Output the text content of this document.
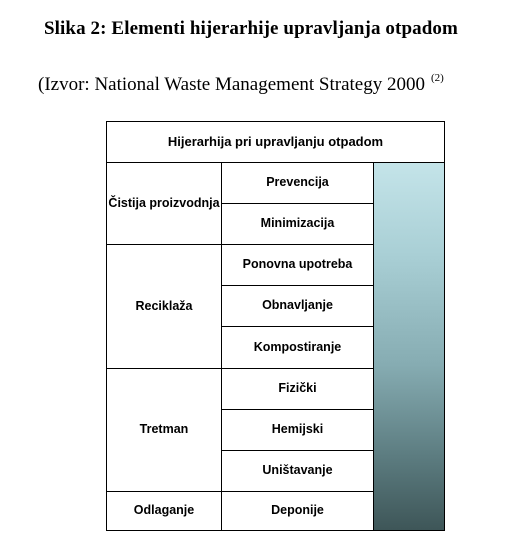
Slika 2: Elementi hijerarhije upravljanja otpadom
(Izvor: National Waste Management Strategy 2000 $^{(2)}$
Hijerarhija pri upravljanju otpadom
Čistija proizvodnja
Prevencija
Minimizacija
Reciklaža
Ponovna upotreba
Obnavljanje
Kompostiranje
Tretman
Fizički
Hemijski
Uništavanje
Odlaganje	Deponije
